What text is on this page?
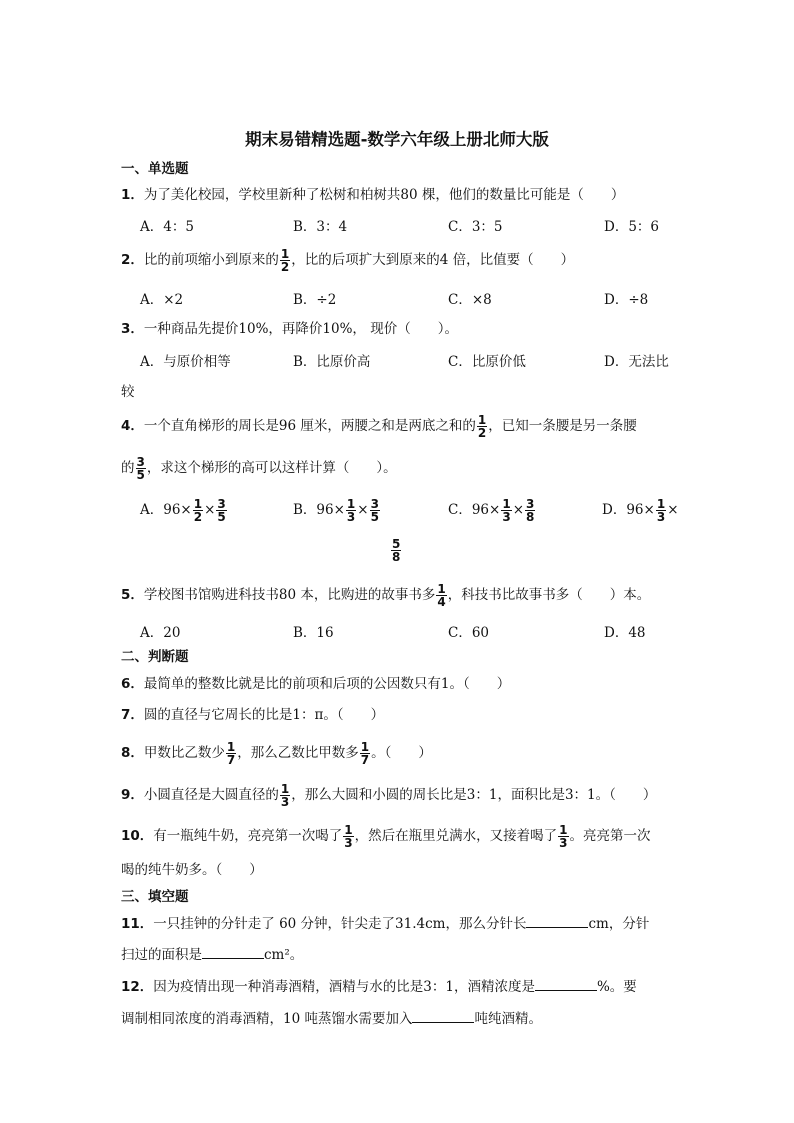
期末易错精选题-数学六年级上册北师大版
一、单选题
1．为了美化校园，学校里新种了松树和柏树共80 棵，他们的数量比可能是（　　）
A．4：5	B．3：4	C．3：5	D．5：6
2．比的前项缩小到原来的 $\frac{1}{2}$ ，比的后项扩大到原来的4 倍，比值要（　　）
A．×2	B．÷2	C．×8	D．÷8
3．一种商品先提价10%，再降价10%， 现价（　　）。
A．与原价相等	B．比原价高	C．比原价低	D．无法比
较
4．一个直角梯形的周长是96 厘米，两腰之和是两底之和的 $\frac{1}{2}$ ，已知一条腰是另一条腰
的 $\frac{3}{5}$ ，求这个梯形的高可以这样计算（　　）。
A．$96\times \frac{1}{2} \times \frac{3}{5}$	B．$96\times \frac{1}{3} \times \frac{3}{5}$	C．$96\times \frac{1}{3} \times \frac{3}{8}$	D．$96\times \frac{1}{3}$ ×
$\frac{5}{8}$
5．学校图书馆购进科技书80 本，比购进的故事书多 $\frac{1}{4}$ ，科技书比故事书多（　　）本。
A．20	B．16	C．60	D．48
二、判断题
6．最简单的整数比就是比的前项和后项的公因数只有1。（　　）
7．圆的直径与它周长的比是1：π。（　　）
8．甲数比乙数少 $\frac{1}{7}$ ，那么乙数比甲数多 $\frac{1}{7}$ 。（　　）
9．小圆直径是大圆直径的 $\frac{1}{3}$ ，那么大圆和小圆的周长比是3：1，面积比是3：1。（　　）
10．有一瓶纯牛奶，亮亮第一次喝了 $\frac{1}{3}$ ，然后在瓶里兑满水，又接着喝了 $\frac{1}{3}$ 。亮亮第一次
喝的纯牛奶多。（　　）
三、填空题
11．一只挂钟的分针走了 60 分钟，针尖走了31.4cm，那么分针长	cm，分针
扫过的面积是	cm²。
12．因为疫情出现一种消毒酒精，酒精与水的比是3：1，酒精浓度是	%。要
调制相同浓度的消毒酒精，10 吨蒸馏水需要加入	吨纯酒精。
